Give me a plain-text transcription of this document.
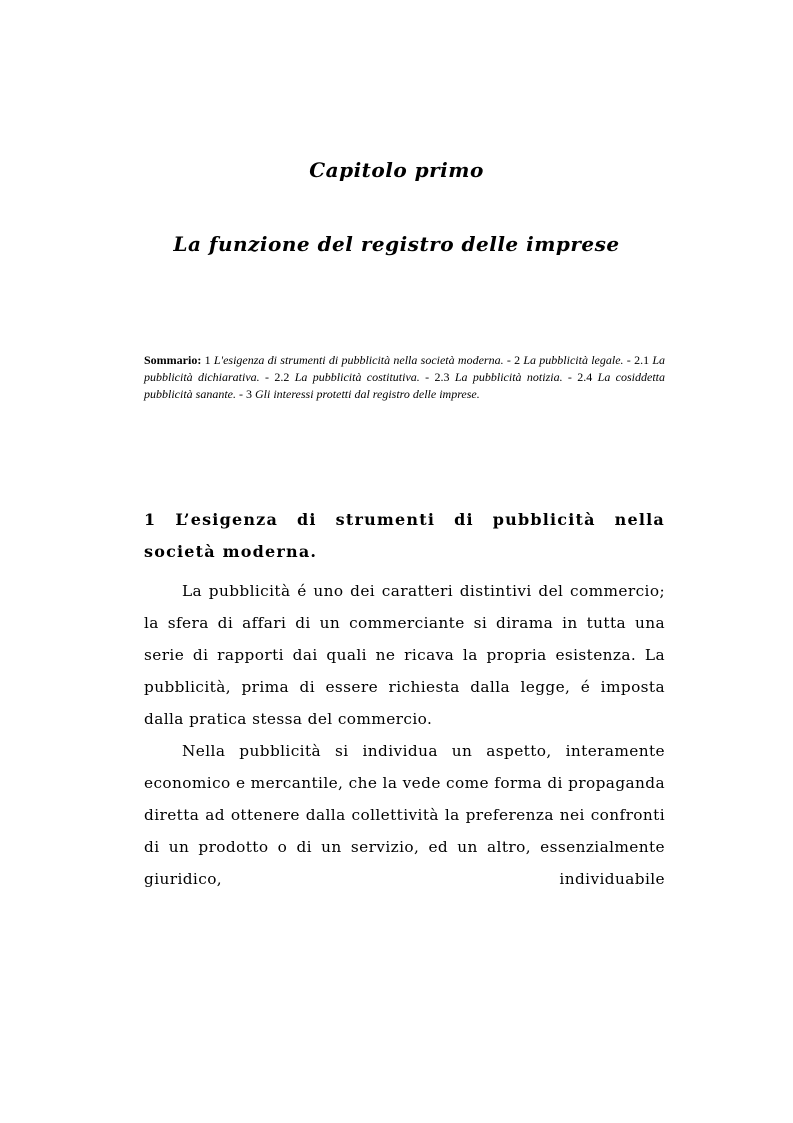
Capitolo primo
La funzione del registro delle imprese
Sommario: 1 L'esigenza di strumenti di pubblicità nella società moderna. - 2 La pubblicità legale. - 2.1 La pubblicità dichiarativa. - 2.2 La pubblicità costitutiva. - 2.3 La pubblicità notizia. - 2.4 La cosiddetta pubblicità sanante. - 3 Gli interessi protetti dal registro delle imprese.
1 L’esigenza di strumenti di pubblicità nella società moderna.

La pubblicità é uno dei caratteri distintivi del commercio; la sfera di affari di un commerciante si dirama in tutta una serie di rapporti dai quali ne ricava la propria esistenza. La pubblicità, prima di essere richiesta dalla legge, é imposta dalla pratica stessa del commercio.

Nella pubblicità si individua un aspetto, interamente economico e mercantile, che la vede come forma di propaganda diretta ad ottenere dalla collettività la preferenza nei confronti di un prodotto o di un servizio, ed un altro, essenzialmente giuridico, individuabile
